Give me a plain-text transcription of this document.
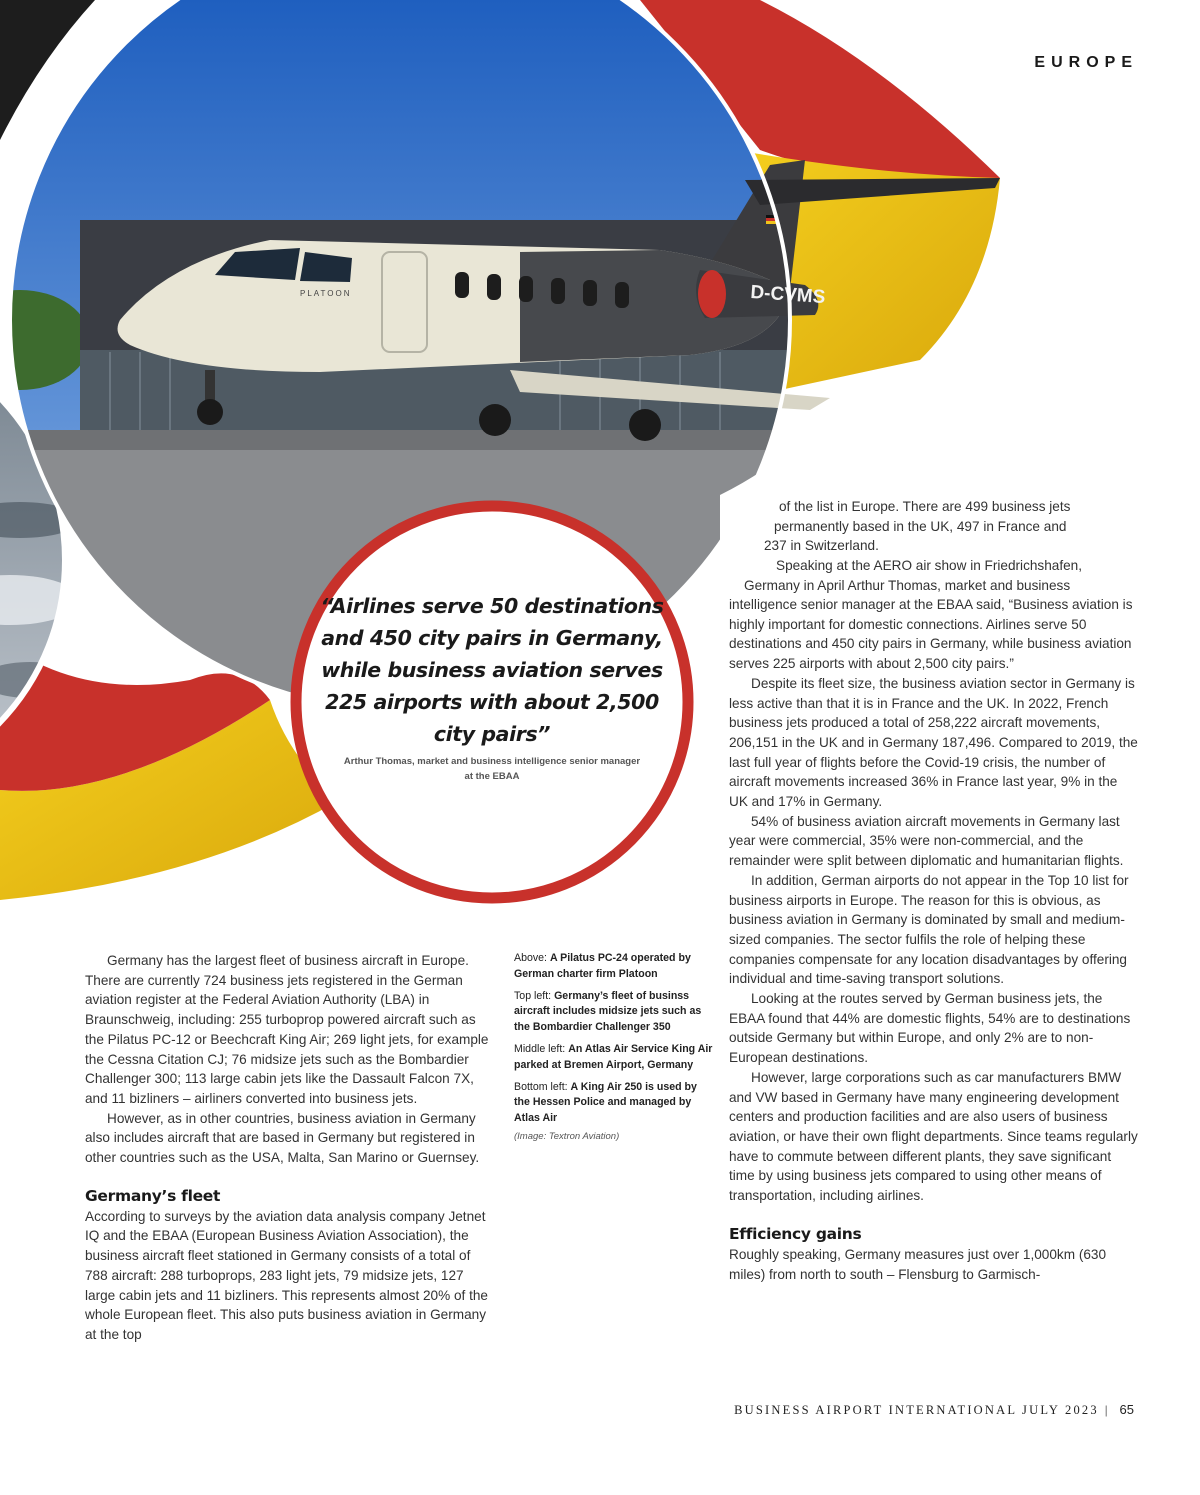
PLATOON	D-CVMS
EUROPE
“Airlines serve 50 destinations and 450 city pairs in Germany, while business aviation serves 225 airports with about 2,500 city pairs”
Arthur Thomas, market and business intelligence senior manager at the EBAA

Germany has the largest fleet of business aircraft in Europe. There are currently 724 business jets registered in the German aviation register at the Federal Aviation Authority (LBA) in Braunschweig, including: 255 turboprop powered aircraft such as the Pilatus PC-12 or Beechcraft King Air; 269 light jets, for example the Cessna Citation CJ; 76 midsize jets such as the Bombardier Challenger 300; 113 large cabin jets like the Dassault Falcon 7X, and 11 bizliners – airliners converted into business jets.

However, as in other countries, business aviation in Germany also includes aircraft that are based in Germany but registered in other countries such as the USA, Malta, San Marino or Guernsey.

Germany’s fleet

According to surveys by the aviation data analysis company Jetnet IQ and the EBAA (European Business Aviation Association), the business aircraft fleet stationed in Germany consists of a total of 788 aircraft: 288 turboprops, 283 light jets, 79 midsize jets, 127 large cabin jets and 11 bizliners. This represents almost 20% of the whole European fleet. This also puts business aviation in Germany at the top

Above: A Pilatus PC-24 operated by German charter firm Platoon

Top left: Germany’s fleet of businss aircraft includes midsize jets such as the Bombardier Challenger 350

Middle left: An Atlas Air Service King Air parked at Bremen Airport, Germany

Bottom left: A King Air 250 is used by the Hessen Police and managed by Atlas Air

(Image: Textron Aviation)
of the list in Europe. There are 499 business jets
permanently based in the UK, 497 in France and
237 in Switzerland.
Speaking at the AERO air show in Friedrichshafen,
Germany in April Arthur Thomas, market and business

intelligence senior manager at the EBAA said, “Business aviation is highly important for domestic connections. Airlines serve 50 destinations and 450 city pairs in Germany, while business aviation serves 225 airports with about 2,500 city pairs.”

Despite its fleet size, the business aviation sector in Germany is less active than that it is in France and the UK. In 2022, French business jets produced a total of 258,222 aircraft movements, 206,151 in the UK and in Germany 187,496. Compared to 2019, the last full year of flights before the Covid-19 crisis, the number of aircraft movements increased 36% in France last year, 9% in the UK and 17% in Germany.

54% of business aviation aircraft movements in Germany last year were commercial, 35% were non-commercial, and the remainder were split between diplomatic and humanitarian flights.

In addition, German airports do not appear in the Top 10 list for business airports in Europe. The reason for this is obvious, as business aviation in Germany is dominated by small and medium-sized companies. The sector fulfils the role of helping these companies compensate for any location disadvantages by offering individual and time-saving transport solutions.

Looking at the routes served by German business jets, the EBAA found that 44% are domestic flights, 54% are to destinations outside Germany but within Europe, and only 2% are to non-European destinations.

However, large corporations such as car manufacturers BMW and VW based in Germany have many engineering development centers and production facilities and are also users of business aviation, or have their own flight departments. Since teams regularly have to commute between different plants, they save significant time by using business jets compared to using other means of transportation, including airlines.

Efficiency gains

Roughly speaking, Germany measures just over 1,000km (630 miles) from north to south – Flensburg to Garmisch-

BUSINESS AIRPORT INTERNATIONAL JULY 2023 | 65
